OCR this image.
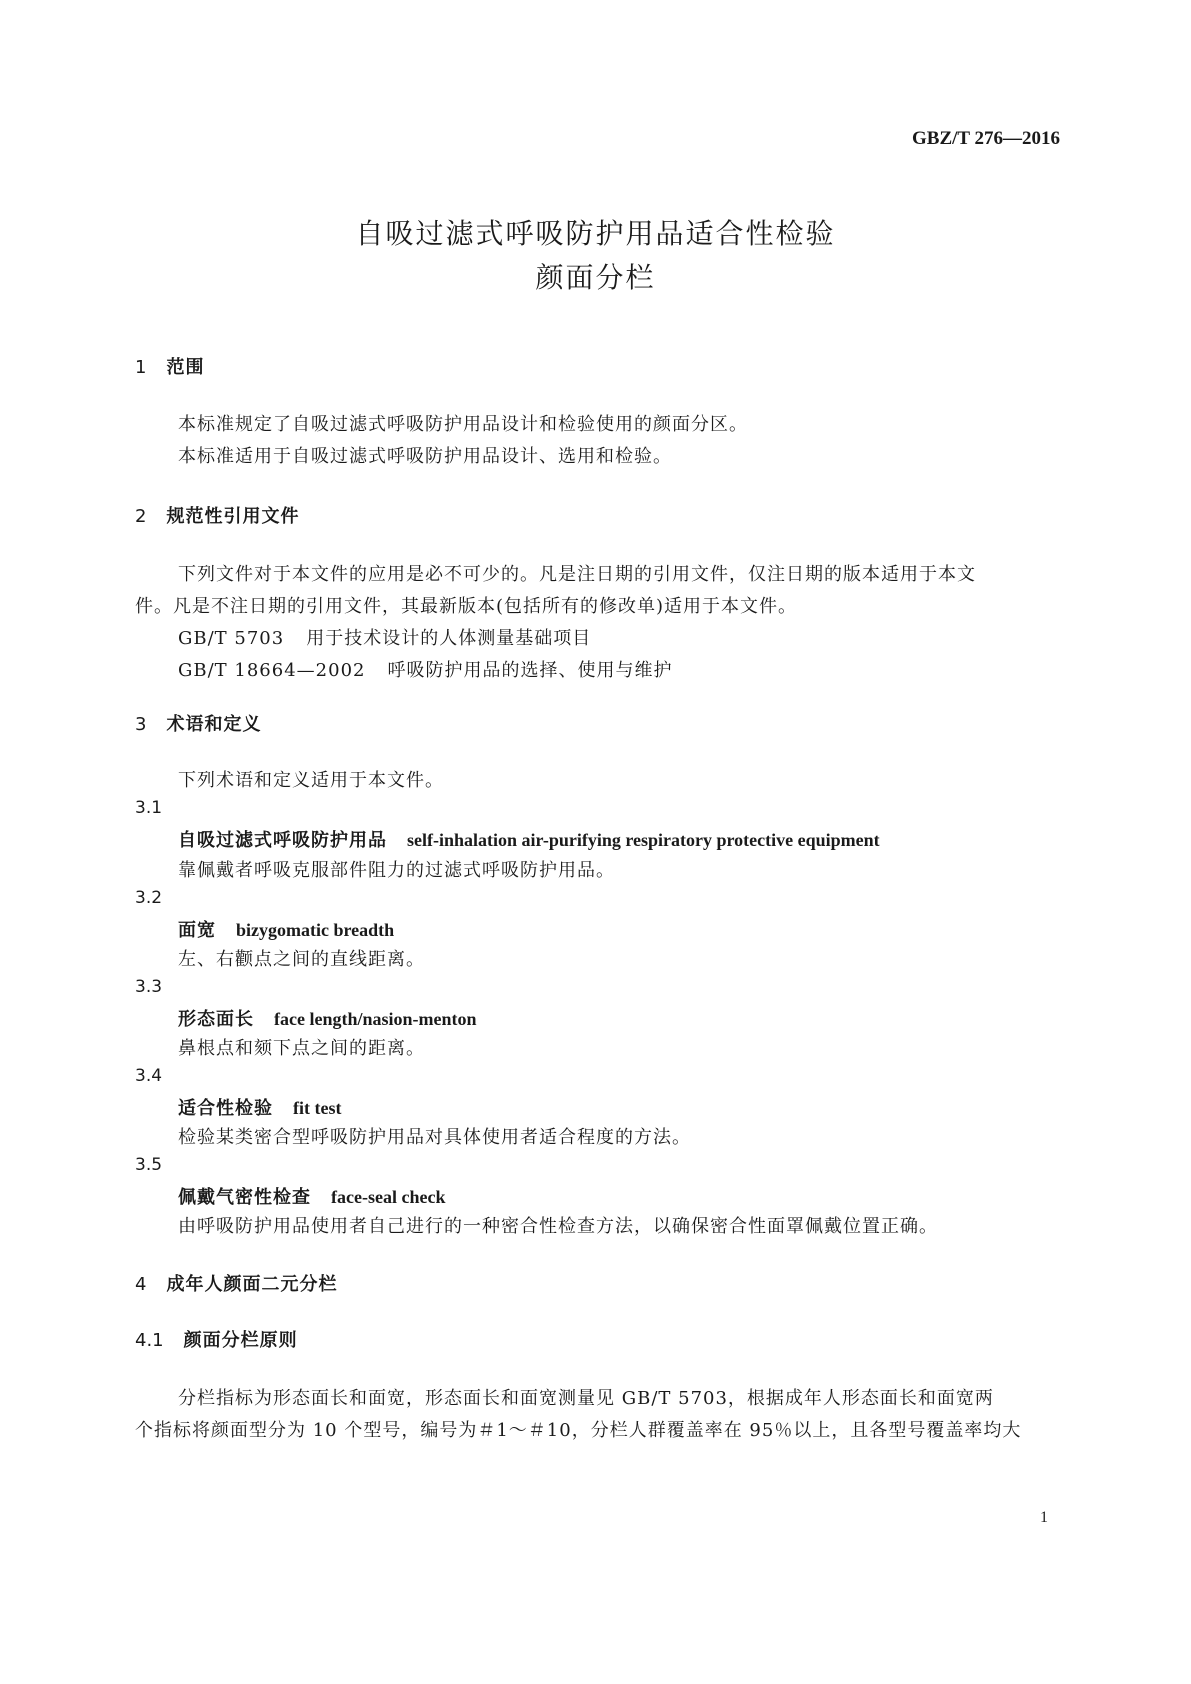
GBZ/T 276—2016
自吸过滤式呼吸防护用品适合性检验
颜面分栏
1 范围
本标准规定了自吸过滤式呼吸防护用品设计和检验使用的颜面分区。
本标准适用于自吸过滤式呼吸防护用品设计、选用和检验。
2 规范性引用文件
下列文件对于本文件的应用是必不可少的。凡是注日期的引用文件，仅注日期的版本适用于本文
件。凡是不注日期的引用文件，其最新版本(包括所有的修改单)适用于本文件。
GB/T 5703 用于技术设计的人体测量基础项目
GB/T 18664—2002 呼吸防护用品的选择、使用与维护
3 术语和定义
下列术语和定义适用于本文件。
3.1
自吸过滤式呼吸防护用品 self-inhalation air-purifying respiratory protective equipment
靠佩戴者呼吸克服部件阻力的过滤式呼吸防护用品。
3.2
面宽 bizygomatic breadth
左、右颧点之间的直线距离。
3.3
形态面长 face length/nasion-menton
鼻根点和颏下点之间的距离。
3.4
适合性检验 fit test
检验某类密合型呼吸防护用品对具体使用者适合程度的方法。
3.5
佩戴气密性检查 face-seal check
由呼吸防护用品使用者自己进行的一种密合性检查方法，以确保密合性面罩佩戴位置正确。
4 成年人颜面二元分栏
4.1 颜面分栏原则
分栏指标为形态面长和面宽，形态面长和面宽测量见 GB/T 5703，根据成年人形态面长和面宽两
个指标将颜面型分为 10 个型号，编号为＃1～＃10，分栏人群覆盖率在 95％以上，且各型号覆盖率均大
1
